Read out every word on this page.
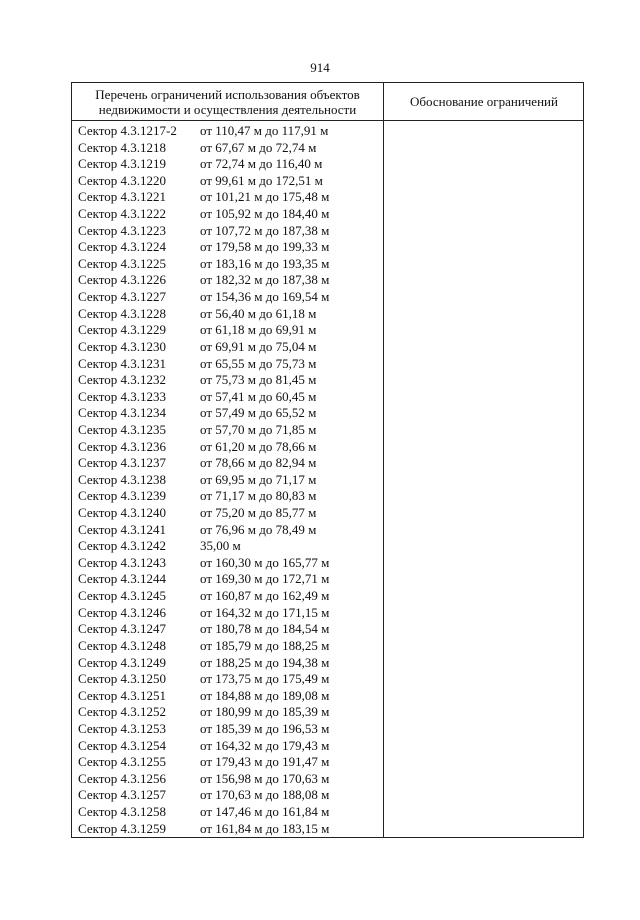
914
Перечень ограничений использования объектов недвижимости и осуществления деятельности
Обоснование ограничений
Сектор 4.3.1217-2 от 110,47 м до 117,91 м
Сектор 4.3.1218	от 67,67 м до 72,74 м
Сектор 4.3.1219	от 72,74 м до 116,40 м
Сектор 4.3.1220	от 99,61 м до 172,51 м
Сектор 4.3.1221	от 101,21 м до 175,48 м
Сектор 4.3.1222	от 105,92 м до 184,40 м
Сектор 4.3.1223	от 107,72 м до 187,38 м
Сектор 4.3.1224	от 179,58 м до 199,33 м
Сектор 4.3.1225	от 183,16 м до 193,35 м
Сектор 4.3.1226	от 182,32 м до 187,38 м
Сектор 4.3.1227	от 154,36 м до 169,54 м
Сектор 4.3.1228	от 56,40 м до 61,18 м
Сектор 4.3.1229	от 61,18 м до 69,91 м
Сектор 4.3.1230	от 69,91 м до 75,04 м
Сектор 4.3.1231	от 65,55 м до 75,73 м
Сектор 4.3.1232	от 75,73 м до 81,45 м
Сектор 4.3.1233	от 57,41 м до 60,45 м
Сектор 4.3.1234	от 57,49 м до 65,52 м
Сектор 4.3.1235	от 57,70 м до 71,85 м
Сектор 4.3.1236	от 61,20 м до 78,66 м
Сектор 4.3.1237	от 78,66 м до 82,94 м
Сектор 4.3.1238	от 69,95 м до 71,17 м
Сектор 4.3.1239	от 71,17 м до 80,83 м
Сектор 4.3.1240	от 75,20 м до 85,77 м
Сектор 4.3.1241	от 76,96 м до 78,49 м
Сектор 4.3.1242	35,00 м
Сектор 4.3.1243	от 160,30 м до 165,77 м
Сектор 4.3.1244	от 169,30 м до 172,71 м
Сектор 4.3.1245	от 160,87 м до 162,49 м
Сектор 4.3.1246	от 164,32 м до 171,15 м
Сектор 4.3.1247	от 180,78 м до 184,54 м
Сектор 4.3.1248	от 185,79 м до 188,25 м
Сектор 4.3.1249	от 188,25 м до 194,38 м
Сектор 4.3.1250	от 173,75 м до 175,49 м
Сектор 4.3.1251	от 184,88 м до 189,08 м
Сектор 4.3.1252	от 180,99 м до 185,39 м
Сектор 4.3.1253	от 185,39 м до 196,53 м
Сектор 4.3.1254	от 164,32 м до 179,43 м
Сектор 4.3.1255	от 179,43 м до 191,47 м
Сектор 4.3.1256	от 156,98 м до 170,63 м
Сектор 4.3.1257	от 170,63 м до 188,08 м
Сектор 4.3.1258	от 147,46 м до 161,84 м
Сектор 4.3.1259	от 161,84 м до 183,15 м
